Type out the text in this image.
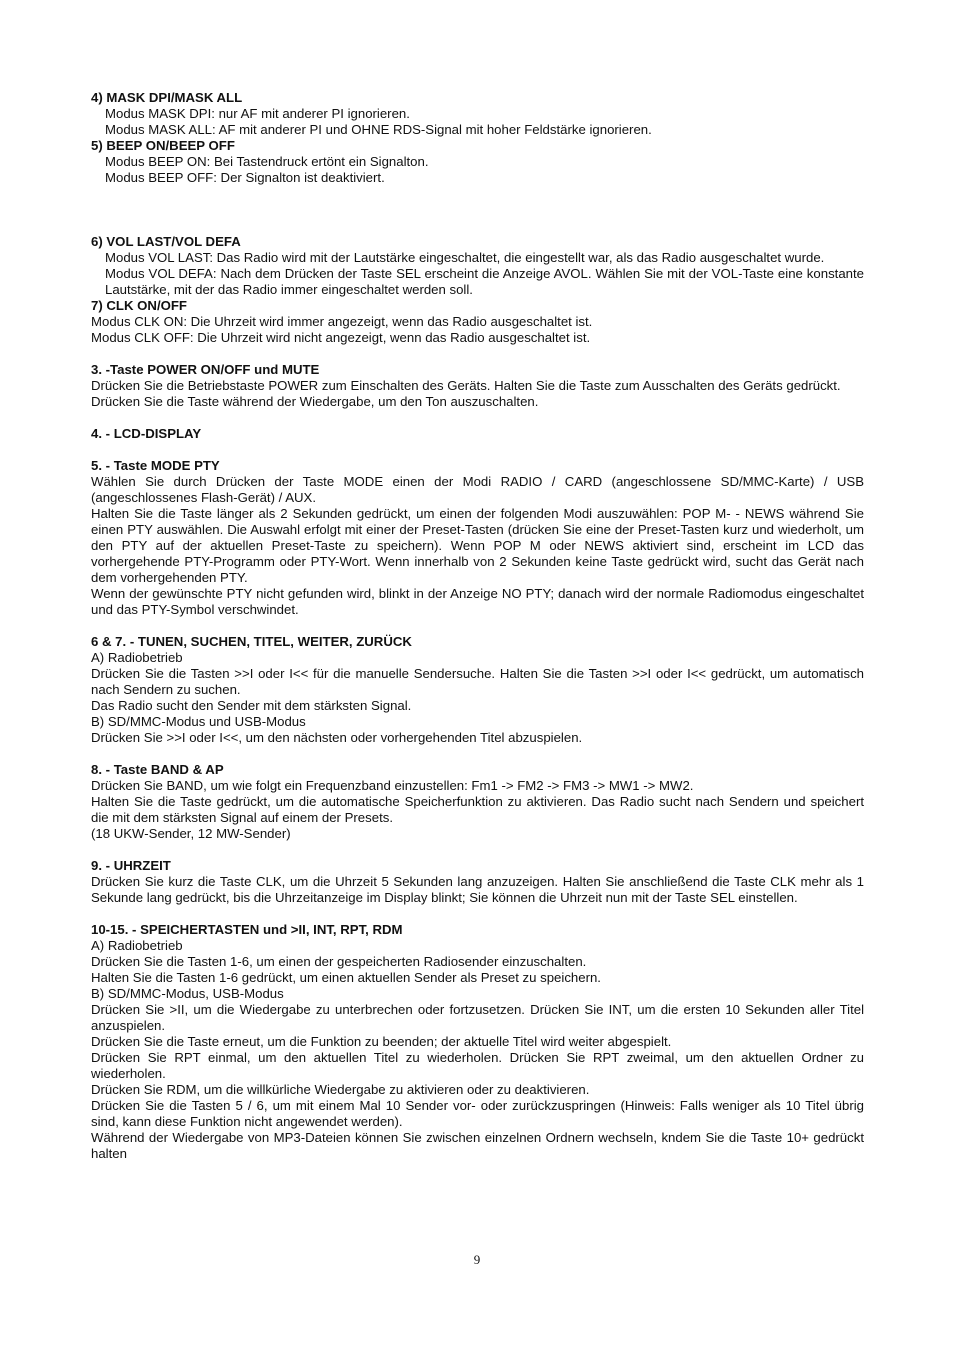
4) MASK DPI/MASK ALL
Modus MASK DPI: nur AF mit anderer PI ignorieren.
Modus MASK ALL: AF mit anderer PI und OHNE RDS-Signal mit hoher Feldstärke ignorieren.
5) BEEP ON/BEEP OFF
Modus BEEP ON: Bei Tastendruck ertönt ein Signalton.
Modus BEEP OFF: Der Signalton ist deaktiviert.
6) VOL LAST/VOL DEFA
Modus VOL LAST: Das Radio wird mit der Lautstärke eingeschaltet, die eingestellt war, als das Radio ausgeschaltet wurde.
Modus VOL DEFA: Nach dem Drücken der Taste SEL erscheint die Anzeige AVOL. Wählen Sie mit der VOL-Taste eine konstante Lautstärke, mit der das Radio immer eingeschaltet werden soll.
7) CLK ON/OFF
Modus CLK ON: Die Uhrzeit wird immer angezeigt, wenn das Radio ausgeschaltet ist.
Modus CLK OFF: Die Uhrzeit wird nicht angezeigt, wenn das Radio ausgeschaltet ist.
3. -Taste POWER ON/OFF und MUTE
Drücken Sie die Betriebstaste POWER zum Einschalten des Geräts. Halten Sie die Taste zum Ausschalten des Geräts gedrückt.
Drücken Sie die Taste während der Wiedergabe, um den Ton auszuschalten.
4. - LCD-DISPLAY
5. - Taste MODE PTY
Wählen Sie durch Drücken der Taste MODE einen der Modi RADIO / CARD (angeschlossene SD/MMC-Karte) / USB (angeschlossenes Flash-Gerät) / AUX.
Halten Sie die Taste länger als 2 Sekunden gedrückt, um einen der folgenden Modi auszuwählen: POP M- - NEWS während Sie einen PTY auswählen. Die Auswahl erfolgt mit einer der Preset-Tasten (drücken Sie eine der Preset-Tasten kurz und wiederholt, um den PTY auf der aktuellen Preset-Taste zu speichern). Wenn POP M oder NEWS aktiviert sind, erscheint im LCD das vorhergehende PTY-Programm oder PTY-Wort. Wenn innerhalb von 2 Sekunden keine Taste gedrückt wird, sucht das Gerät nach dem vorhergehenden PTY.
Wenn der gewünschte PTY nicht gefunden wird, blinkt in der Anzeige NO PTY; danach wird der normale Radiomodus eingeschaltet und das PTY-Symbol verschwindet.
6 & 7. - TUNEN, SUCHEN, TITEL, WEITER, ZURÜCK
A) Radiobetrieb
Drücken Sie die Tasten >>I oder I<< für die manuelle Sendersuche. Halten Sie die Tasten >>I oder I<< gedrückt, um automatisch nach Sendern zu suchen.
Das Radio sucht den Sender mit dem stärksten Signal.
B) SD/MMC-Modus und USB-Modus
Drücken Sie >>I oder I<<, um den nächsten oder vorhergehenden Titel abzuspielen.
8. - Taste BAND & AP
Drücken Sie BAND, um wie folgt ein Frequenzband einzustellen: Fm1 -> FM2 -> FM3 -> MW1 -> MW2.
Halten Sie die Taste gedrückt, um die automatische Speicherfunktion zu aktivieren. Das Radio sucht nach Sendern und speichert die mit dem stärksten Signal auf einem der Presets.
(18 UKW-Sender, 12 MW-Sender)
9. - UHRZEIT
Drücken Sie kurz die Taste CLK, um die Uhrzeit 5 Sekunden lang anzuzeigen. Halten Sie anschließend die Taste CLK mehr als 1 Sekunde lang gedrückt, bis die Uhrzeitanzeige im Display blinkt; Sie können die Uhrzeit nun mit der Taste SEL einstellen.
10-15. - SPEICHERTASTEN und >II, INT, RPT, RDM
A) Radiobetrieb
Drücken Sie die Tasten 1-6, um einen der gespeicherten Radiosender einzuschalten.
Halten Sie die Tasten 1-6 gedrückt, um einen aktuellen Sender als Preset zu speichern.
B) SD/MMC-Modus, USB-Modus
Drücken Sie >II, um die Wiedergabe zu unterbrechen oder fortzusetzen. Drücken Sie INT, um die ersten 10 Sekunden aller Titel anzuspielen.
Drücken Sie die Taste erneut, um die Funktion zu beenden; der aktuelle Titel wird weiter abgespielt.
Drücken Sie RPT einmal, um den aktuellen Titel zu wiederholen. Drücken Sie RPT zweimal, um den aktuellen Ordner zu wiederholen.
Drücken Sie RDM, um die willkürliche Wiedergabe zu aktivieren oder zu deaktivieren.
Drücken Sie die Tasten 5 / 6, um mit einem Mal 10 Sender vor- oder zurückzuspringen (Hinweis: Falls weniger als 10 Titel übrig sind, kann diese Funktion nicht angewendet werden).
Während der Wiedergabe von MP3-Dateien können Sie zwischen einzelnen Ordnern wechseln, kndem Sie die Taste 10+ gedrückt halten
9
